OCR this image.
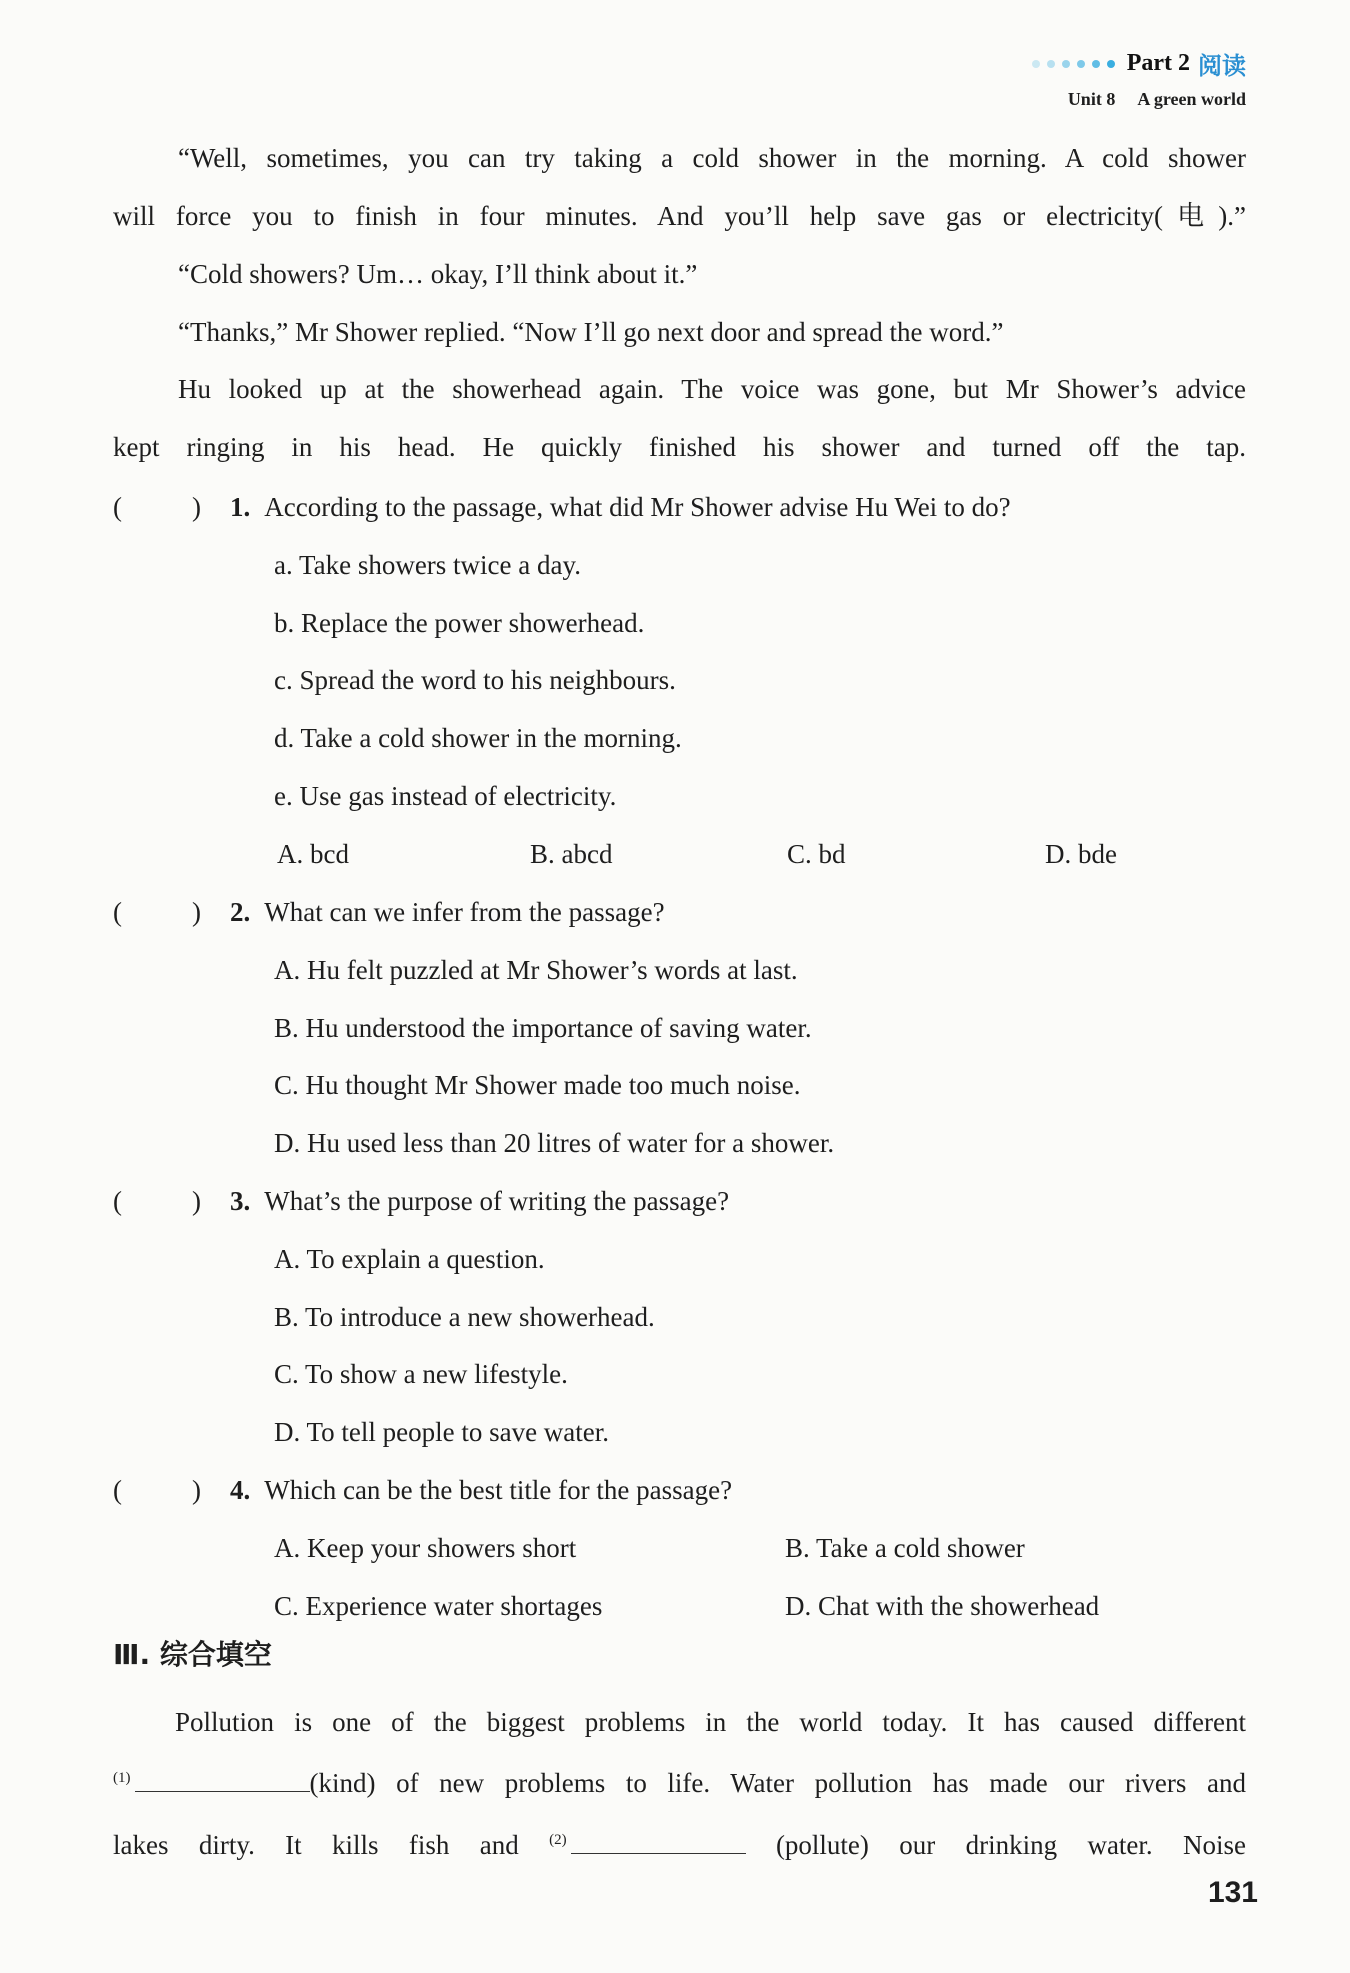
Part 2 阅读
Unit 8 A green world
“Well, sometimes, you can try taking a cold shower in the morning. A cold shower
will force you to finish in four minutes. And you’ll help save gas or electricity(电).”
“Cold showers? Um… okay, I’ll think about it.”
“Thanks,” Mr Shower replied. “Now I’ll go next door and spread the word.”
Hu looked up at the showerhead again. The voice was gone, but Mr Shower’s advice
kept ringing in his head. He quickly finished his shower and turned off the tap.
(	) 1. According to the passage, what did Mr Shower advise Hu Wei to do?
a. Take showers twice a day.
b. Replace the power showerhead.
c. Spread the word to his neighbours.
d. Take a cold shower in the morning.
e. Use gas instead of electricity.
A. bcd	B. abcd	C. bd	D. bde
(	) 2. What can we infer from the passage?
A. Hu felt puzzled at Mr Shower’s words at last.
B. Hu understood the importance of saving water.
C. Hu thought Mr Shower made too much noise.
D. Hu used less than 20 litres of water for a shower.
(	) 3. What’s the purpose of writing the passage?
A. To explain a question.
B. To introduce a new showerhead.
C. To show a new lifestyle.
D. To tell people to save water.
(	) 4. Which can be the best title for the passage?
A. Keep your showers short	B. Take a cold shower
C. Experience water shortages	D. Chat with the showerhead
Ⅲ. 综合填空
Pollution is one of the biggest problems in the world today. It has caused different
$^{(1)}$	(kind) of new problems to life. Water pollution has made our rivers and
lakes dirty. It kills fish and $^{(2)}$	(pollute) our drinking water. Noise
131
